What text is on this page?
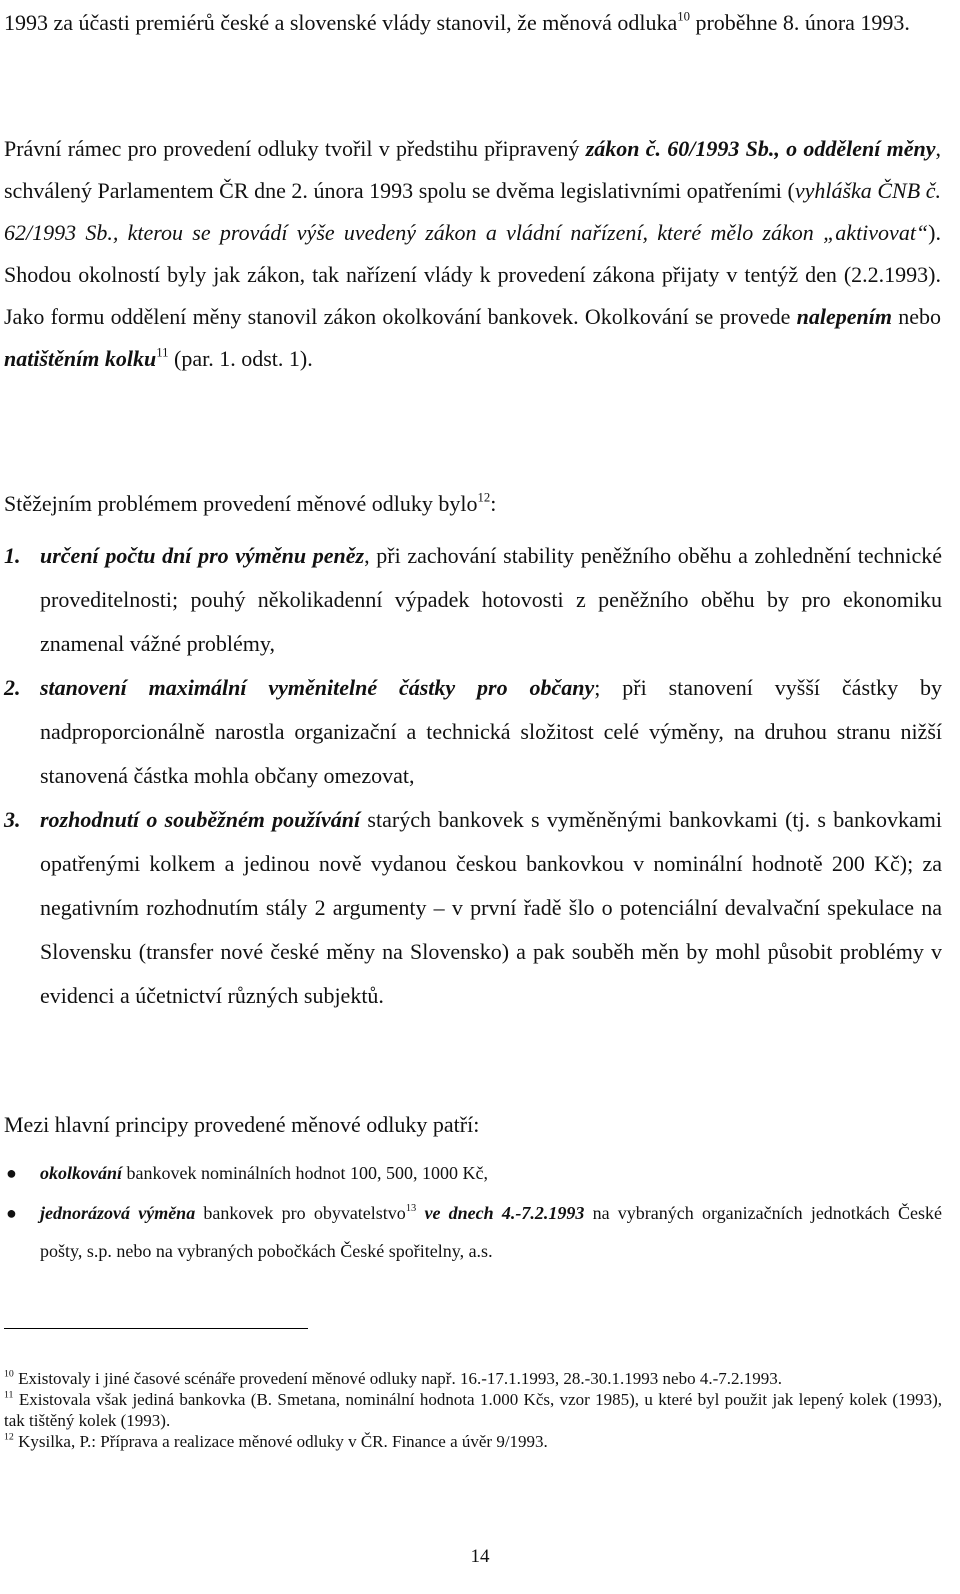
1993 za účasti premiérů české a slovenské vlády stanovil, že měnová odluka$^{10}$ proběhne 8. února 1993.

Právní rámec pro provedení odluky tvořil v předstihu připravený zákon č. 60/1993 Sb., o oddělení měny, schválený Parlamentem ČR dne 2. února 1993 spolu se dvěma legislativními opatřeními (vyhláška ČNB č. 62/1993 Sb., kterou se provádí výše uvedený zákon a vládní nařízení, které mělo zákon „aktivovat“). Shodou okolností byly jak zákon, tak nařízení vlády k provedení zákona přijaty v tentýž den (2.2.1993). Jako formu oddělení měny stanovil zákon okolkování bankovek. Okolkování se provede nalepením nebo natištěním kolku$^{11}$ (par. 1. odst. 1).

Stěžejním problémem provedení měnové odluky bylo$^{12}$:

1. určení počtu dní pro výměnu peněz, při zachování stability peněžního oběhu a zohlednění technické proveditelnosti; pouhý několikadenní výpadek hotovosti z peněžního oběhu by pro ekonomiku znamenal vážné problémy,
2. stanovení maximální vyměnitelné částky pro občany; při stanovení vyšší částky by nadproporcionálně narostla organizační a technická složitost celé výměny, na druhou stranu nižší stanovená částka mohla občany omezovat,
3. rozhodnutí o souběžném používání starých bankovek s vyměněnými bankovkami (tj. s bankovkami opatřenými kolkem a jedinou nově vydanou českou bankovkou v nominální hodnotě 200 Kč); za negativním rozhodnutím stály 2 argumenty – v první řadě šlo o potenciální devalvační spekulace na Slovensku (transfer nové české měny na Slovensko) a pak souběh měn by mohl působit problémy v evidenci a účetnictví různých subjektů.

Mezi hlavní principy provedené měnové odluky patří:

● okolkování bankovek nominálních hodnot 100, 500, 1000 Kč,
● jednorázová výměna bankovek pro obyvatelstvo$^{13}$ ve dnech 4.-7.2.1993 na vybraných organizačních jednotkách České pošty, s.p. nebo na vybraných pobočkách České spořitelny, a.s.

$^{10}$ Existovaly i jiné časové scénáře provedení měnové odluky např. 16.-17.1.1993, 28.-30.1.1993 nebo 4.-7.2.1993.

$^{11}$ Existovala však jediná bankovka (B. Smetana, nominální hodnota 1.000 Kčs, vzor 1985), u které byl použit jak lepený kolek (1993), tak tištěný kolek (1993).

$^{12}$ Kysilka, P.: Příprava a realizace měnové odluky v ČR. Finance a úvěr 9/1993.

14
